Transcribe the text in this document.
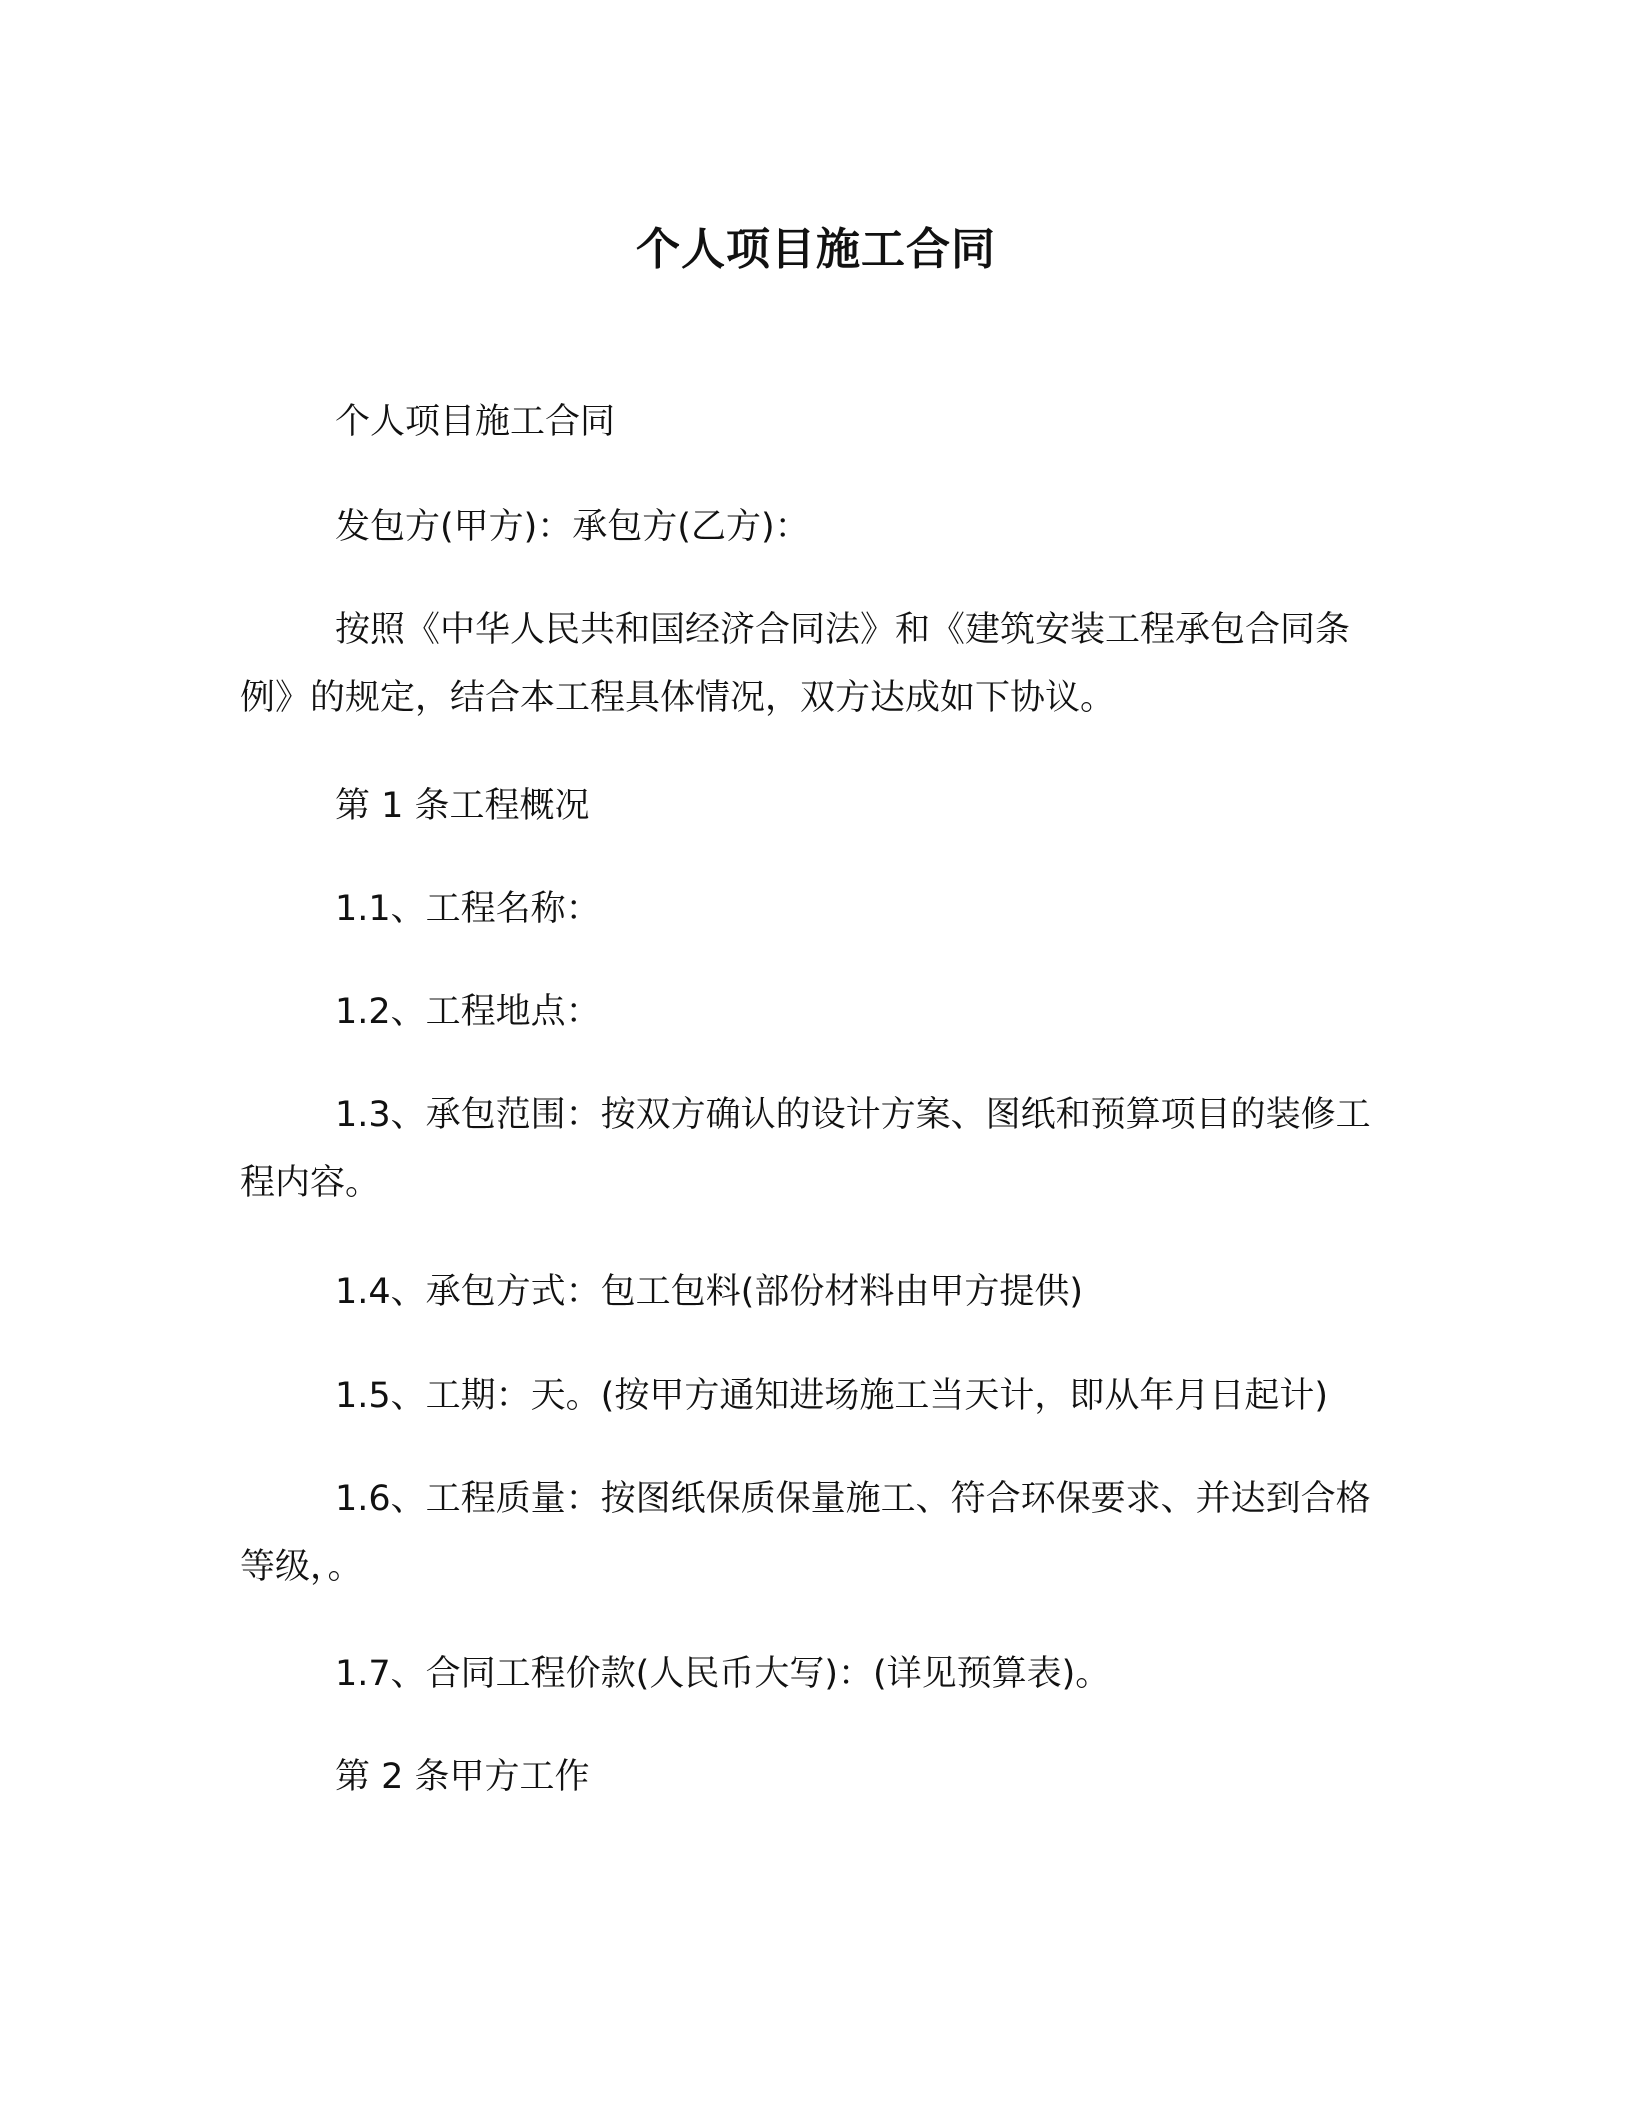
个人项目施工合同

个人项目施工合同

发包方(甲方)：承包方(乙方)：

按照《中华人民共和国经济合同法》和《建筑安装工程承包合同条例》的规定，结合本工程具体情况，双方达成如下协议。

第 1 条工程概况

1.1、工程名称：

1.2、工程地点：

1.3、承包范围：按双方确认的设计方案、图纸和预算项目的装修工程内容。

1.4、承包方式：包工包料(部份材料由甲方提供)

1.5、工期：天。(按甲方通知进场施工当天计，即从年月日起计)

1.6、工程质量：按图纸保质保量施工、符合环保要求、并达到合格等级，。

1.7、合同工程价款(人民币大写)：(详见预算表)。

第 2 条甲方工作
